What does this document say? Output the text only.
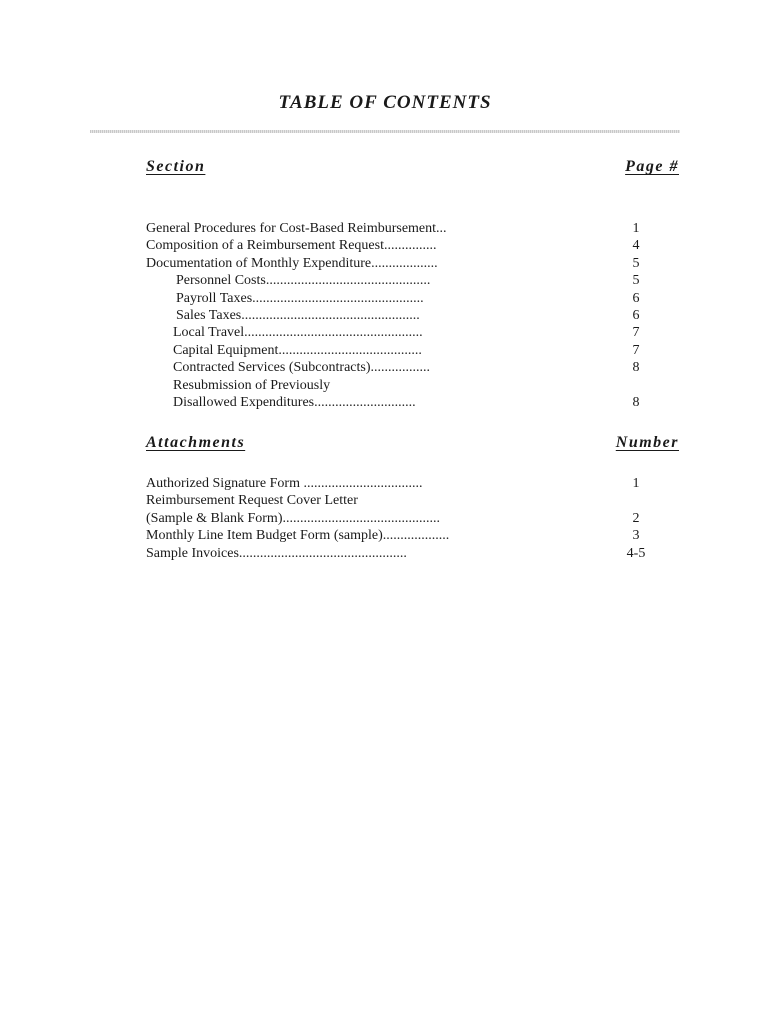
TABLE OF CONTENTS
Section	Page #
General Procedures for Cost-Based Reimbursement...	1
Composition of a Reimbursement Request...............	4
Documentation of Monthly Expenditure...................	5
Personnel Costs...............................................	5
Payroll Taxes.................................................	6
Sales Taxes...................................................	6
Local Travel...................................................	7
Capital Equipment.........................................	7
Contracted Services (Subcontracts).................	8
Resubmission of Previously
Disallowed Expenditures.............................	8
Attachments	Number
Authorized Signature Form ..................................	1
Reimbursement Request Cover Letter
(Sample & Blank Form).............................................	2
Monthly Line Item Budget Form (sample)...................	3
Sample Invoices................................................	4-5
